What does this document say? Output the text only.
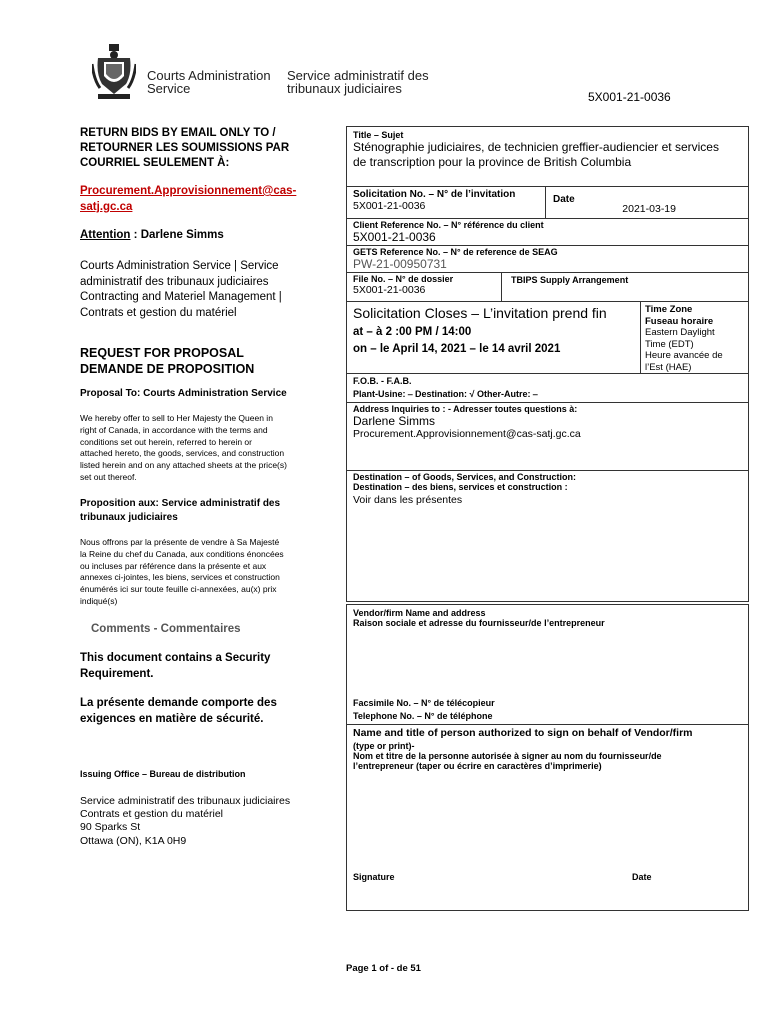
Courts Administration
Service
Service administratif des
tribunaux judiciaires
5X001-21-0036
RETURN BIDS BY EMAIL ONLY TO /
RETOURNER LES SOUMISSIONS PAR
COURRIEL SEULEMENT À:
Procurement.Approvisionnement@cas-
satj.gc.ca
Attention : Darlene Simms
Courts Administration Service | Service
administratif des tribunaux judiciaires
Contracting and Materiel Management |
Contrats et gestion du matériel
REQUEST FOR PROPOSAL
DEMANDE DE PROPOSITION
Proposal To: Courts Administration Service
We hereby offer to sell to Her Majesty the Queen in
right of Canada, in accordance with the terms and
conditions set out herein, referred to herein or
attached hereto, the goods, services, and construction
listed herein and on any attached sheets at the price(s)
set out thereof.
Proposition aux: Service administratif des
tribunaux judiciaires
Nous offrons par la présente de vendre à Sa Majesté
la Reine du chef du Canada, aux conditions énoncées
ou incluses par référence dans la présente et aux
annexes ci-jointes, les biens, services et construction
énumérés ici sur toute feuille ci-annexées, au(x) prix
indiqué(s)
Comments - Commentaires
This document contains a Security
Requirement.
La présente demande comporte des
exigences en matière de sécurité.
Issuing Office – Bureau de distribution
Service administratif des tribunaux judiciaires
Contrats et gestion du matériel
90 Sparks St
Ottawa (ON), K1A 0H9
Title – Sujet
Sténographie judiciaires, de technicien greffier-audiencier et services
de transcription pour la province de British Columbia
Solicitation No. – N° de l’invitation
5X001-21-0036
Date
2021-03-19
Client Reference No. – N° référence du client
5X001-21-0036
GETS Reference No. – N° de reference de SEAG
PW-21-00950731
File No. – N° de dossier
5X001-21-0036
TBIPS Supply Arrangement
Solicitation Closes – L’invitation prend fin
at – à 2 :00 PM / 14:00
on – le April 14, 2021 – le 14 avril 2021
Time Zone
Fuseau horaire
Eastern Daylight
Time (EDT)
Heure avancée de
l’Est (HAE)
F.O.B. - F.A.B.
Plant-Usine: ⎯ Destination: √ Other-Autre: ⎯
Address Inquiries to : - Adresser toutes questions à:
Darlene Simms
Procurement.Approvisionnement@cas-satj.gc.ca
Destination – of Goods, Services, and Construction:
Destination – des biens, services et construction :
Voir dans les présentes
Vendor/firm Name and address
Raison sociale et adresse du fournisseur/de l’entrepreneur
Facsimile No. – N° de télécopieur
Telephone No. – N° de téléphone
Name and title of person authorized to sign on behalf of Vendor/firm
(type or print)-
Nom et titre de la personne autorisée à signer au nom du fournisseur/de
l’entrepreneur (taper ou écrire en caractères d’imprimerie)
Signature	Date
Page 1 of - de 51
